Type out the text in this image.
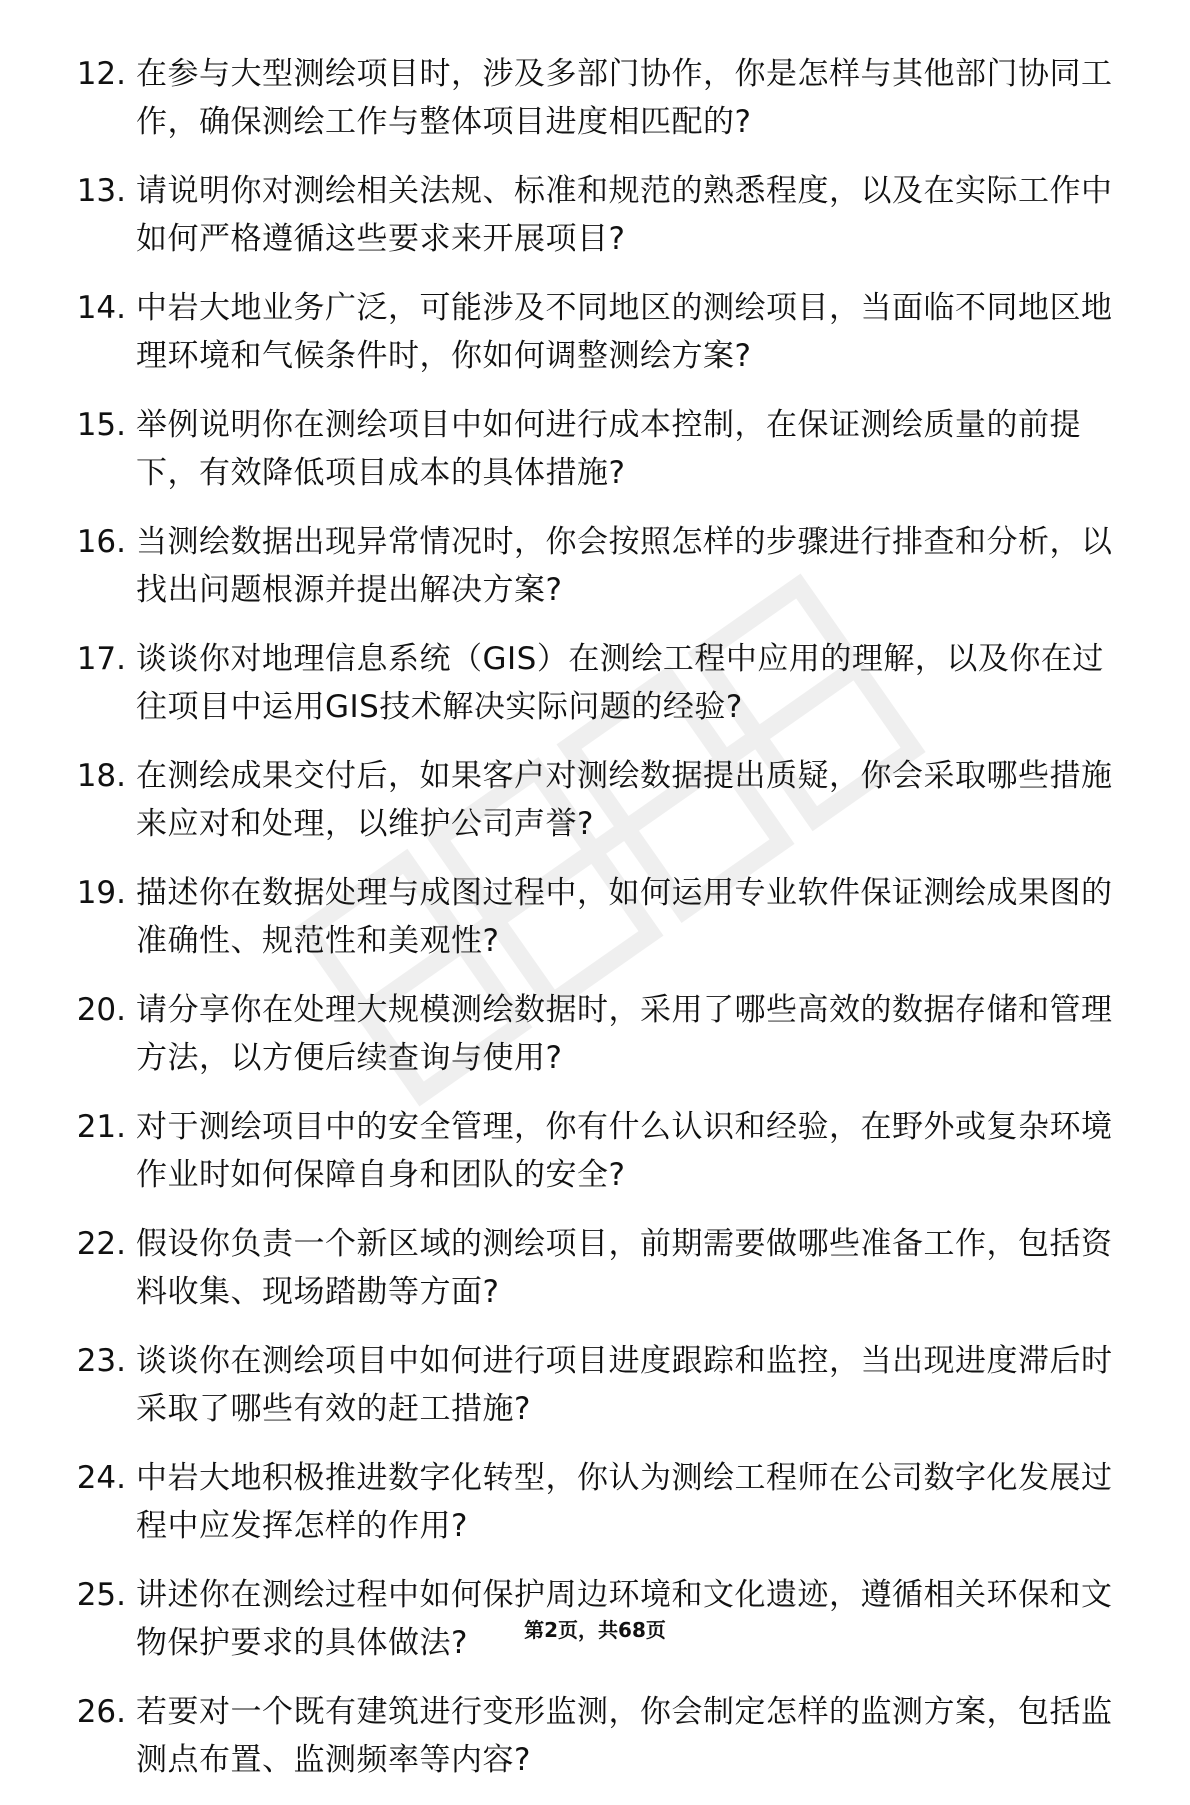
12. 在参与大型测绘项目时，涉及多部门协作，你是怎样与其他部门协同工作，确保测绘工作与整体项目进度相匹配的?
13. 请说明你对测绘相关法规、标准和规范的熟悉程度，以及在实际工作中如何严格遵循这些要求来开展项目?
14. 中岩大地业务广泛，可能涉及不同地区的测绘项目，当面临不同地区地理环境和气候条件时，你如何调整测绘方案?
15. 举例说明你在测绘项目中如何进行成本控制，在保证测绘质量的前提下，有效降低项目成本的具体措施?
16. 当测绘数据出现异常情况时，你会按照怎样的步骤进行排查和分析，以找出问题根源并提出解决方案?
17. 谈谈你对地理信息系统（GIS）在测绘工程中应用的理解，以及你在过往项目中运用GIS技术解决实际问题的经验?
18. 在测绘成果交付后，如果客户对测绘数据提出质疑，你会采取哪些措施来应对和处理，以维护公司声誉?
19. 描述你在数据处理与成图过程中，如何运用专业软件保证测绘成果图的准确性、规范性和美观性?
20. 请分享你在处理大规模测绘数据时，采用了哪些高效的数据存储和管理方法，以方便后续查询与使用?
21. 对于测绘项目中的安全管理，你有什么认识和经验，在野外或复杂环境作业时如何保障自身和团队的安全?
22. 假设你负责一个新区域的测绘项目，前期需要做哪些准备工作，包括资料收集、现场踏勘等方面?
23. 谈谈你在测绘项目中如何进行项目进度跟踪和监控，当出现进度滞后时采取了哪些有效的赶工措施?
24. 中岩大地积极推进数字化转型，你认为测绘工程师在公司数字化发展过程中应发挥怎样的作用?
25. 讲述你在测绘过程中如何保护周边环境和文化遗迹，遵循相关环保和文物保护要求的具体做法?
26. 若要对一个既有建筑进行变形监测，你会制定怎样的监测方案，包括监测点布置、监测频率等内容?
第2页，共68页
